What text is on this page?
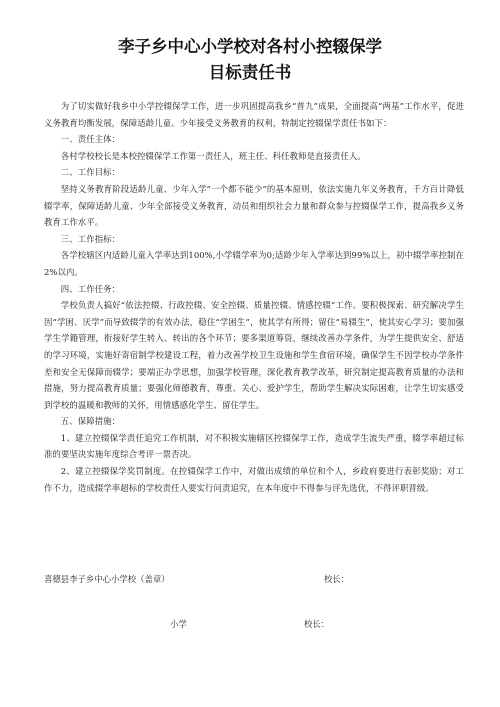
李子乡中心小学校对各村小控辍保学
目标责任书

为了切实做好我乡中小学控辍保学工作，进一步巩固提高我乡“普九”成果，全面提高“两基”工作水平，促进义务教育均衡发展，保障适龄儿童、少年接受义务教育的权利，特制定控辍保学责任书如下：

一、责任主体：

各村学校校长是本校控辍保学工作第一责任人，班主任、科任教师是直接责任人。

二、工作目标：

坚持义务教育阶段适龄儿童、少年入学“一个都不能少”的基本原则，依法实施九年义务教育，千方百计降低辍学率，保障适龄儿童、少年全部接受义务教育，动员和组织社会力量和群众参与控辍保学工作，提高我乡义务教育工作水平。

三、工作指标：

各学校辖区内适龄儿童入学率达到100%,小学辍学率为0;适龄少年入学率达到99%以上，初中辍学率控制在2%以内。

四、工作任务：

学校负责人搞好“依法控辍、行政控辍、安全控辍、质量控辍、情感控辍”工作。要积极探索、研究解决学生因“学困、厌学”而导致辍学的有效办法，稳住“学困生”，使其学有所得；留住“易辍生”，使其安心学习；要加强学生学籍管理，衔接好学生转入、转出的各个环节；要多渠道筹资，继续改善办学条件，为学生提供安全、舒适的学习环境，实施好寄宿制学校建设工程，着力改善学校卫生设施和学生食宿环境，确保学生不因学校办学条件差和安全无保障而辍学；要端正办学思想，加强学校管理，深化教育教学改革，研究制定提高教育质量的办法和措施，努力提高教育质量；要强化师德教育，尊重、关心、爱护学生，帮助学生解决实际困难，让学生切实感受到学校的温暖和教师的关怀，用情感感化学生、留住学生。

五、保障措施：

1、建立控辍保学责任追究工作机制，对不积极实施辖区控辍保学工作，造成学生流失严重，辍学率超过标准的要坚决实施年度综合考评一票否决。

2、建立控辍保学奖罚制度。在控辍保学工作中，对做出成绩的单位和个人，乡政府要进行表彰奖励；对工作不力，造成辍学率超标的学校责任人要实行问责追究，在本年度中不得参与评先选优，不得评职晋级。

喜德县李子乡中心小学校（盖章）	校长：
小学	校长：
